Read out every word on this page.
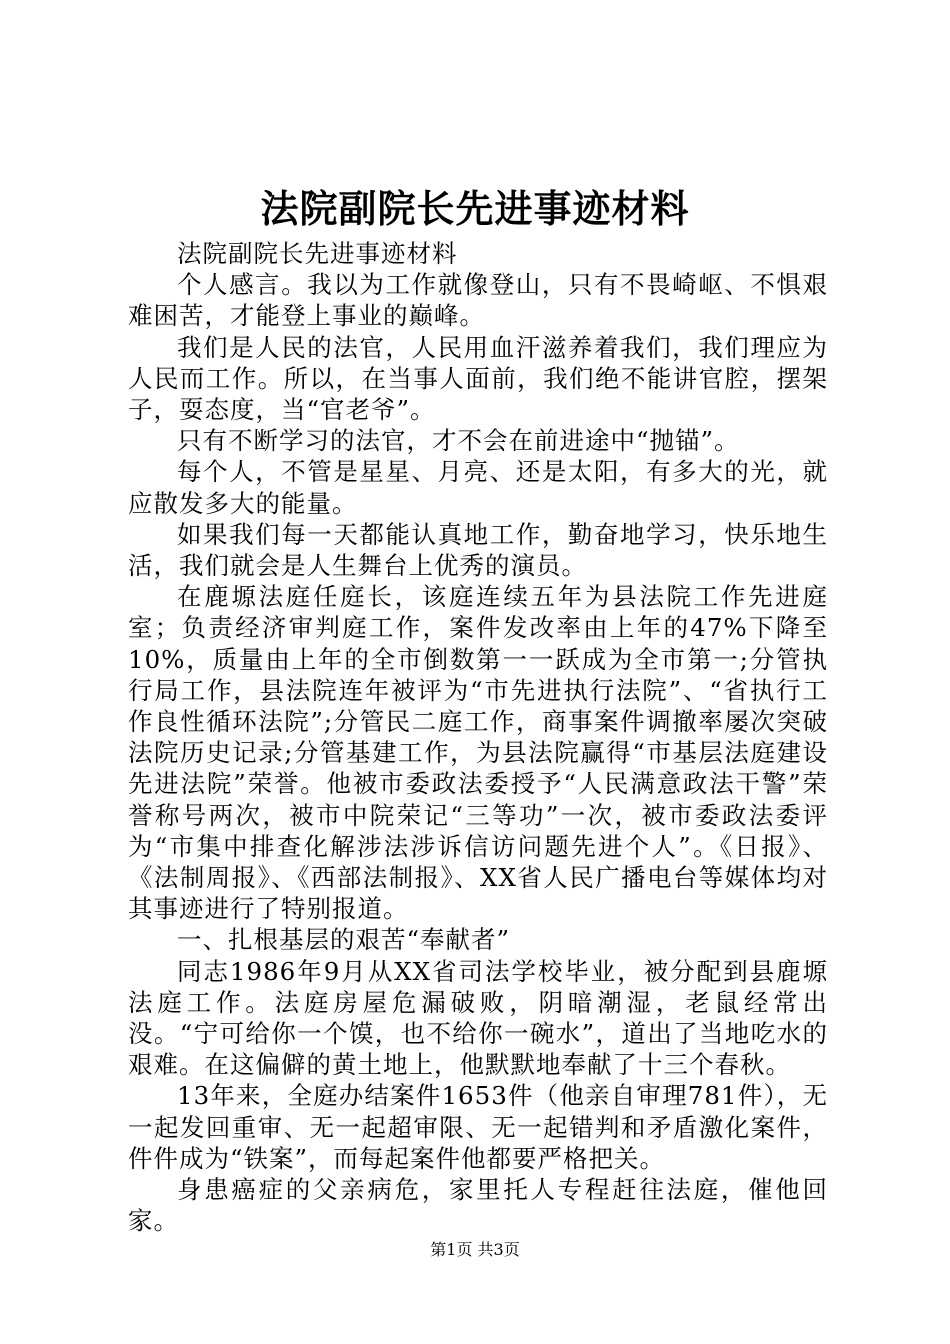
法院副院长先进事迹材料

法院副院长先进事迹材料

个人感言。我以为工作就像登山，只有不畏崎岖、不惧艰难困苦，才能登上事业的巅峰。

我们是人民的法官，人民用血汗滋养着我们，我们理应为人民而工作。所以，在当事人面前，我们绝不能讲官腔，摆架子，耍态度，当“官老爷”。

只有不断学习的法官，才不会在前进途中“抛锚”。

每个人，不管是星星、月亮、还是太阳，有多大的光，就应散发多大的能量。

如果我们每一天都能认真地工作，勤奋地学习，快乐地生活，我们就会是人生舞台上优秀的演员。

在鹿塬法庭任庭长，该庭连续五年为县法院工作先进庭室；负责经济审判庭工作，案件发改率由上年的47%下降至10%，质量由上年的全市倒数第一一跃成为全市第一;分管执行局工作，县法院连年被评为“市先进执行法院”、“省执行工作良性循环法院”;分管民二庭工作，商事案件调撤率屡次突破法院历史记录;分管基建工作，为县法院赢得“市基层法庭建设先进法院”荣誉。他被市委政法委授予“人民满意政法干警”荣誉称号两次，被市中院荣记“三等功”一次，被市委政法委评为“市集中排查化解涉法涉诉信访问题先进个人”。《日报》、《法制周报》、《西部法制报》、XX省人民广播电台等媒体均对其事迹进行了特别报道。

一、扎根基层的艰苦“奉献者”

同志1986年9月从XX省司法学校毕业，被分配到县鹿塬法庭工作。法庭房屋危漏破败，阴暗潮湿，老鼠经常出没。“宁可给你一个馍，也不给你一碗水”，道出了当地吃水的艰难。在这偏僻的黄土地上，他默默地奉献了十三个春秋。

13年来，全庭办结案件1653件（他亲自审理781件），无一起发回重审、无一起超审限、无一起错判和矛盾激化案件，件件成为“铁案”，而每起案件他都要严格把关。

身患癌症的父亲病危，家里托人专程赶往法庭，催他回家。

第1页 共3页
